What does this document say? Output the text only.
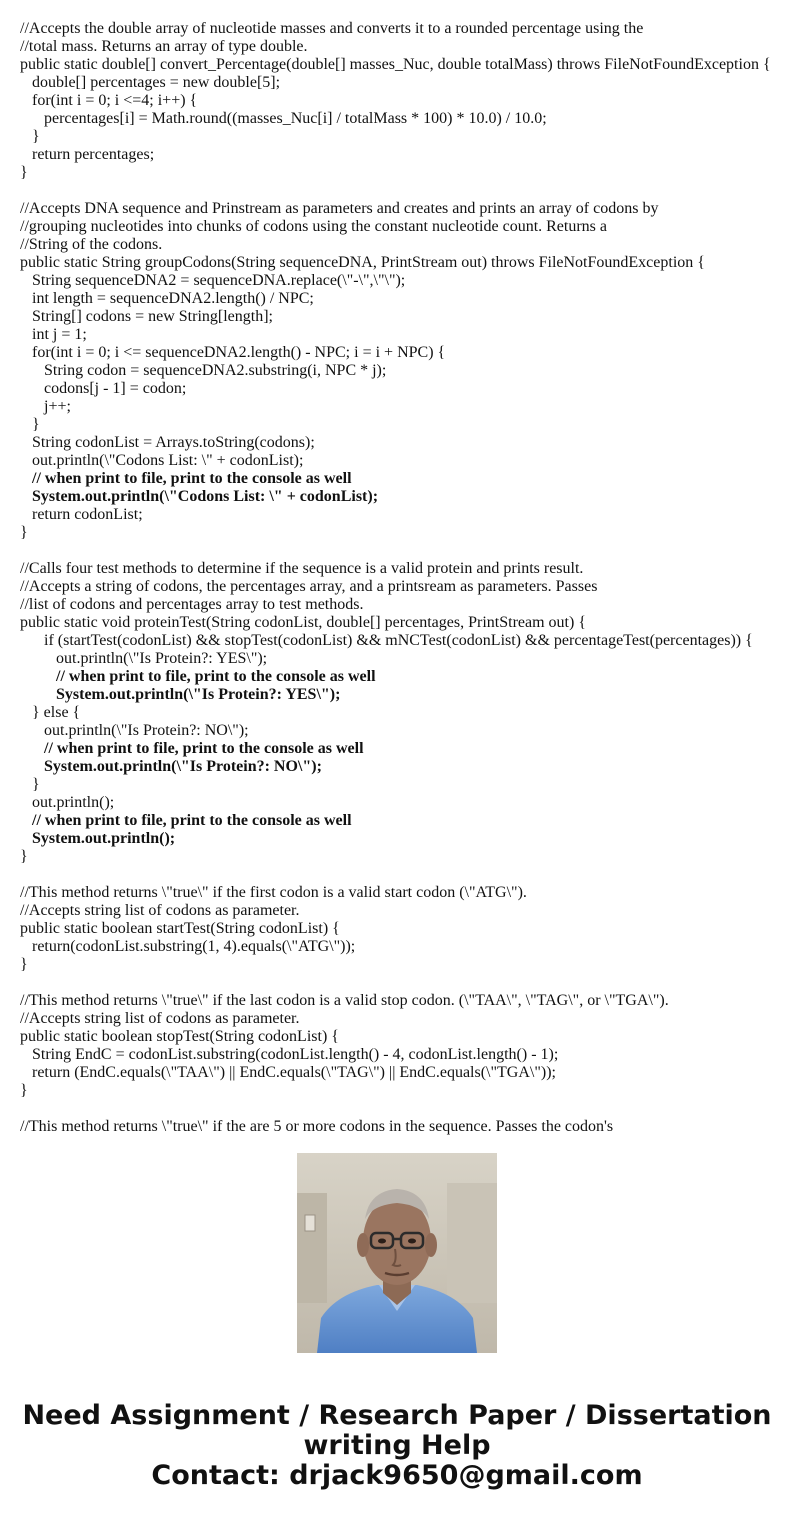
//Accepts the double array of nucleotide masses and converts it to a rounded percentage using the
//total mass. Returns an array of type double.
public static double[] convert_Percentage(double[] masses_Nuc, double totalMass) throws FileNotFoundException {
double[] percentages = new double[5];
for(int i = 0; i <=4; i++) {
percentages[i] = Math.round((masses_Nuc[i] / totalMass * 100) * 10.0) / 10.0;
}
return percentages;
}
//Accepts DNA sequence and Prinstream as parameters and creates and prints an array of codons by
//grouping nucleotides into chunks of codons using the constant nucleotide count. Returns a
//String of the codons.
public static String groupCodons(String sequenceDNA, PrintStream out) throws FileNotFoundException {
String sequenceDNA2 = sequenceDNA.replace(\"-\",\"\");
int length = sequenceDNA2.length() / NPC;
String[] codons = new String[length];
int j = 1;
for(int i = 0; i <= sequenceDNA2.length() - NPC; i = i + NPC) {
String codon = sequenceDNA2.substring(i, NPC * j);
codons[j - 1] = codon;
j++;
}
String codonList = Arrays.toString(codons);
out.println(\"Codons List: \" + codonList);
// when print to file, print to the console as well
System.out.println(\"Codons List: \" + codonList);
return codonList;
}
//Calls four test methods to determine if the sequence is a valid protein and prints result.
//Accepts a string of codons, the percentages array, and a printsream as parameters. Passes
//list of codons and percentages array to test methods.
public static void proteinTest(String codonList, double[] percentages, PrintStream out) {
if (startTest(codonList) && stopTest(codonList) && mNCTest(codonList) && percentageTest(percentages)) {
out.println(\"Is Protein?: YES\");
// when print to file, print to the console as well
System.out.println(\"Is Protein?: YES\");
} else {
out.println(\"Is Protein?: NO\");
// when print to file, print to the console as well
System.out.println(\"Is Protein?: NO\");
}
out.println();
// when print to file, print to the console as well
System.out.println();
}
//This method returns \"true\" if the first codon is a valid start codon (\"ATG\").
//Accepts string list of codons as parameter.
public static boolean startTest(String codonList) {
return(codonList.substring(1, 4).equals(\"ATG\"));
}
//This method returns \"true\" if the last codon is a valid stop codon. (\"TAA\", \"TAG\", or \"TGA\").
//Accepts string list of codons as parameter.
public static boolean stopTest(String codonList) {
String EndC = codonList.substring(codonList.length() - 4, codonList.length() - 1);
return (EndC.equals(\"TAA\") || EndC.equals(\"TAG\") || EndC.equals(\"TGA\"));
}
//This method returns \"true\" if the are 5 or more codons in the sequence. Passes the codon's
Need Assignment / Research Paper / Dissertation
writing Help
Contact: drjack9650@gmail.com
